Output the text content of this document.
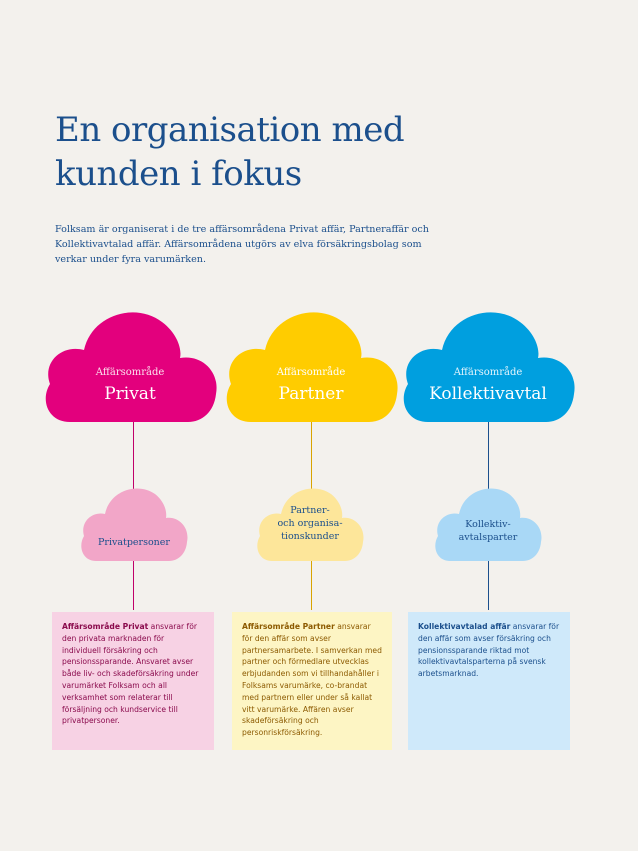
En organisation med
kunden i fokus

Folksam är organiserat i de tre affärsområdena Privat affär, Partneraffär och Kollektivavtalad affär. Affärsområdena utgörs av elva försäkringsbolag som verkar under fyra varumärken.

Affärsområde
Privat
Affärsområde
Partner
Affärsområde
Kollektivavtal
Privatpersoner
Partner-
och organisa-
tionskunder
Kollektiv-
avtalsparter
Affärsområde Privat ansvarar för den privata marknaden för individuell försäkring och pensionssparande. Ansvaret avser både liv- och skadeförsäkring under varumärket Folksam och all verksamhet som relaterar till försäljning och kundservice till privatpersoner.
Affärsområde Partner ansvarar för den affär som avser partnersamarbete. I samverkan med partner och förmedlare utvecklas erbjudanden som vi tillhandahåller i Folksams varumärke, co-brandat med partnern eller under så kallat vitt varumärke. Affären avser skadeförsäkring och personriskförsäkring.
Kollektivavtalad affär ansvarar för den affär som avser försäkring och pensionssparande riktad mot kollektivavtalsparterna på svensk arbetsmarknad.
